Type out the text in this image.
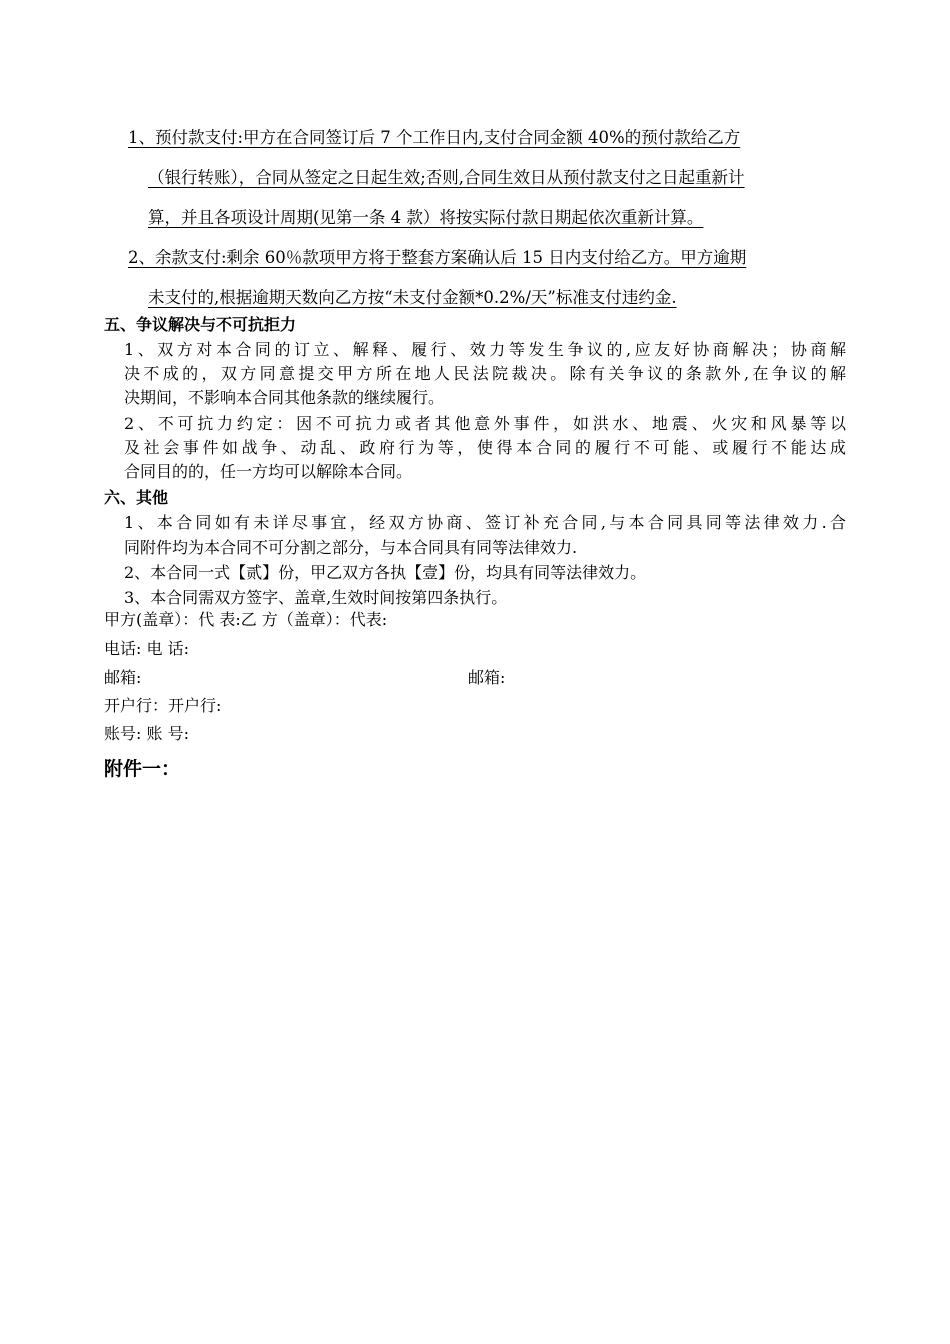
1、预付款支付:甲方在合同签订后 7 个工作日内,支付合同金额 40%的预付款给乙方
（银行转账），合同从签定之日起生效;否则,合同生效日从预付款支付之日起重新计
算，并且各项设计周期(见第一条 4 款）将按实际付款日期起依次重新计算。
2、余款支付:剩余 60％款项甲方将于整套方案确认后 15 日内支付给乙方。甲方逾期
未支付的,根据逾期天数向乙方按“未支付金额*0.2%/天”标准支付违约金.
五、争议解决与不可抗拒力
1、双方对本合同的订立、解释、履行、效力等发生争议的,应友好协商解决；协商解
决不成的，双方同意提交甲方所在地人民法院裁决。除有关争议的条款外,在争议的解
决期间，不影响本合同其他条款的继续履行。
2、不可抗力约定：因不可抗力或者其他意外事件，如洪水、地震、火灾和风暴等以
及社会事件如战争、动乱、政府行为等，使得本合同的履行不可能、或履行不能达成
合同目的的，任一方均可以解除本合同。
六、其他
1、本合同如有未详尽事宜，经双方协商、签订补充合同,与本合同具同等法律效力.合
同附件均为本合同不可分割之部分，与本合同具有同等法律效力.
2、本合同一式【贰】份，甲乙双方各执【壹】份，均具有同等法律效力。
3、本合同需双方签字、盖章,生效时间按第四条执行。
甲方(盖章）：代 表:乙 方（盖章）：代表:
电话: 电 话:
邮箱:	邮箱:
开户行：开户行:
账号: 账 号:
附件一：
